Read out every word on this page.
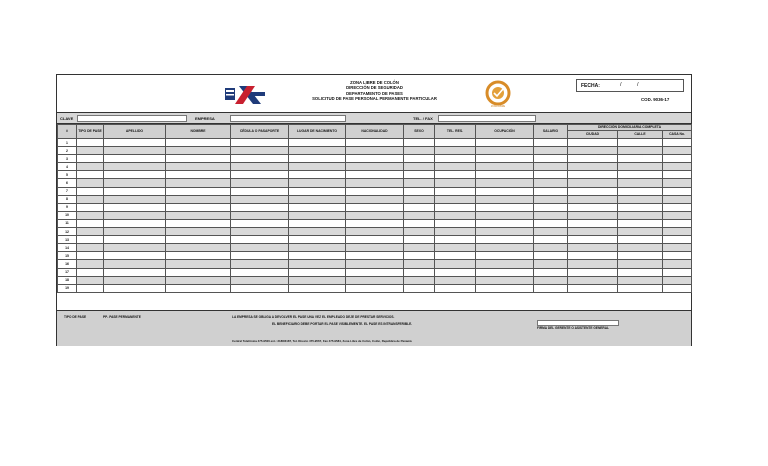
ZONA LIBRE DE COLÓN
DIRECCIÓN DE SEGURIDAD
DEPARTAMENTO DE PASES
SOLICITUD DE PASE PERSONAL PERMANENTE PARTICULAR
ZONA LIBRE
FECHA:	/	/
COD. 9036-17
CLAVE	EMPRESA	TEL. / FAX
#	TIPO DE PASE	APELLIDO	NOMBRE	CÉDULA O PASAPORTE	LUGAR DE NACIMIENTO	NACIONALIDAD	SEXO	TEL. RES.	OCUPACIÓN	SALARIO	DIRECCIÓN DOMICILIARIA COMPLETA		
											CIUDAD	CALLE	CASA No.
1													
2													
3													
4													
5													
6													
7													
8													
9													
10													
11													
12													
13													
14													
15													
16													
17													
18													
19													
TIPO DE PASE	PP- PASE PERMANENTE	LA EMPRESA SE OBLIGA A DEVOLVER EL PASE UNA VEZ EL EMPLEADO DEJE DE PRESTAR SERVICIOS.
EL BENEFICIARIO DEBE PORTAR EL PASE VISIBLEMENTE. EL PASE ES INTRANSFERIBLE.
FIRMA DEL GERENTE O ASISTENTE GENERAL
Central Telefónica 475-9500 ext.: 3188/3187, Tel. Directo 475-9567, Fax 475-9584, Zona Libre de Colón, Colón, República de Panamá
